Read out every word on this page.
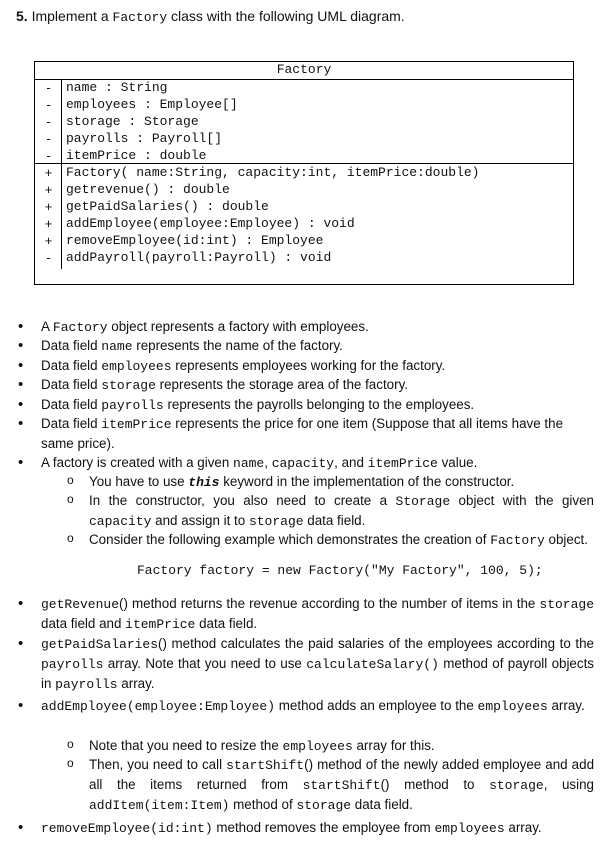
5. Implement a Factory class with the following UML diagram.
Factory
-	name : String
-	employees : Employee[]
-	storage : Storage
-	payrolls : Payroll[]
-	itemPrice : double
+	Factory( name:String, capacity:int, itemPrice:double)
+	getrevenue() : double
+	getPaidSalaries() : double
+	addEmployee(employee:Employee) : void
+	removeEmployee(id:int) : Employee
-	addPayroll(payroll:Payroll) : void
• A Factory object represents a factory with employees.
• Data field name represents the name of the factory.
• Data field employees represents employees working for the factory.
• Data field storage represents the storage area of the factory.
• Data field payrolls represents the payrolls belonging to the employees.
• Data field itemPrice represents the price for one item (Suppose that all items have the same price).
• A factory is created with a given name, capacity, and itemPrice value.
o You have to use this keyword in the implementation of the constructor.
o In the constructor, you also need to create a Storage object with the given capacity and assign it to storage data field.
o Consider the following example which demonstrates the creation of Factory object.
Factory factory = new Factory("My Factory", 100, 5);
• getRevenue() method returns the revenue according to the number of items in the storage data field and itemPrice data field.
• getPaidSalaries() method calculates the paid salaries of the employees according to the payrolls array. Note that you need to use calculateSalary() method of payroll objects in payrolls array.
• addEmployee(employee:Employee) method adds an employee to the employees array.
o Note that you need to resize the employees array for this.
o Then, you need to call startShift() method of the newly added employee and add all the items returned from startShift() method to storage, using addItem(item:Item) method of storage data field.
• removeEmployee(id:int) method removes the employee from employees array.
